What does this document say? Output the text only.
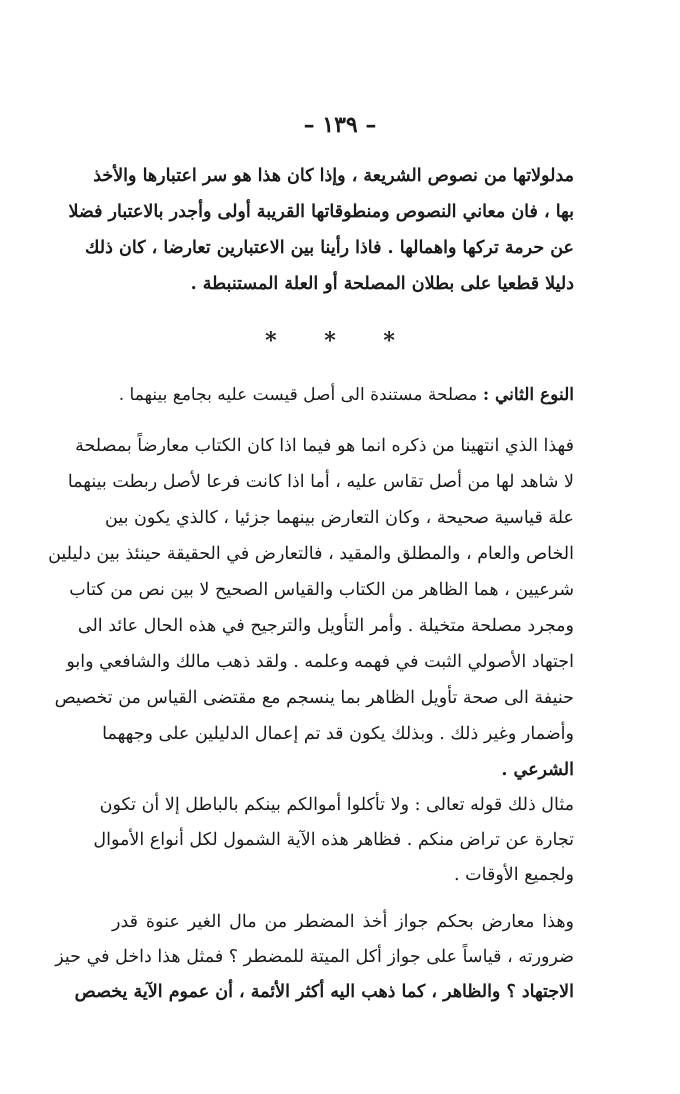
– ١٣٩ –
مدلولاتها من نصوص الشريعة ، وإذا كان هذا هو سر اعتبارها والأخذ
بها ، فان معاني النصوص ومنطوقاتها القريبة أولى وأجدر بالاعتبار فضلا
عن حرمة تركها واهمالها . فاذا رأينا بين الاعتبارين تعارضا ، كان ذلك
دليلا قطعيا على بطلان المصلحة أو العلة المستنبطة .
* * *
النوع الثاني : مصلحة مستندة الى أصل قيست عليه بجامع بينهما .
فهذا الذي انتهينا من ذكره انما هو فيما اذا كان الكتاب معارضاً بمصلحة
لا شاهد لها من أصل تقاس عليه ، أما اذا كانت فرعا لأصل ربطت بينهما
علة قياسية صحيحة ، وكان التعارض بينهما جزئيا ، كالذي يكون بين
الخاص والعام ، والمطلق والمقيد ، فالتعارض في الحقيقة حينئذ بين دليلين
شرعيين ، هما الظاهر من الكتاب والقياس الصحيح لا بين نص من كتاب
ومجرد مصلحة متخيلة . وأمر التأويل والترجيح في هذه الحال عائد الى
اجتهاد الأصولي الثبت في فهمه وعلمه . ولقد ذهب مالك والشافعي وابو
حنيفة الى صحة تأويل الظاهر بما ينسجم مع مقتضى القياس من تخصيص
وأضمار وغير ذلك . وبذلك يكون قد تم إعمال الدليلين على وجههما
الشرعي .
مثال ذلك قوله تعالى : ولا تأكلوا أموالكم بينكم بالباطل إلا أن تكون
تجارة عن تراض منكم . فظاهر هذه الآية الشمول لكل أنواع الأموال
ولجميع الأوقات .
وهذا معارض بحكم جواز أخذ المضطر من مال الغير عنوة قدر
ضرورته ، قياساً على جواز أكل الميتة للمضطر ؟ فمثل هذا داخل في حيز
الاجتهاد ؟ والظاهر ، كما ذهب اليه أكثر الأئمة ، أن عموم الآية يخصص
